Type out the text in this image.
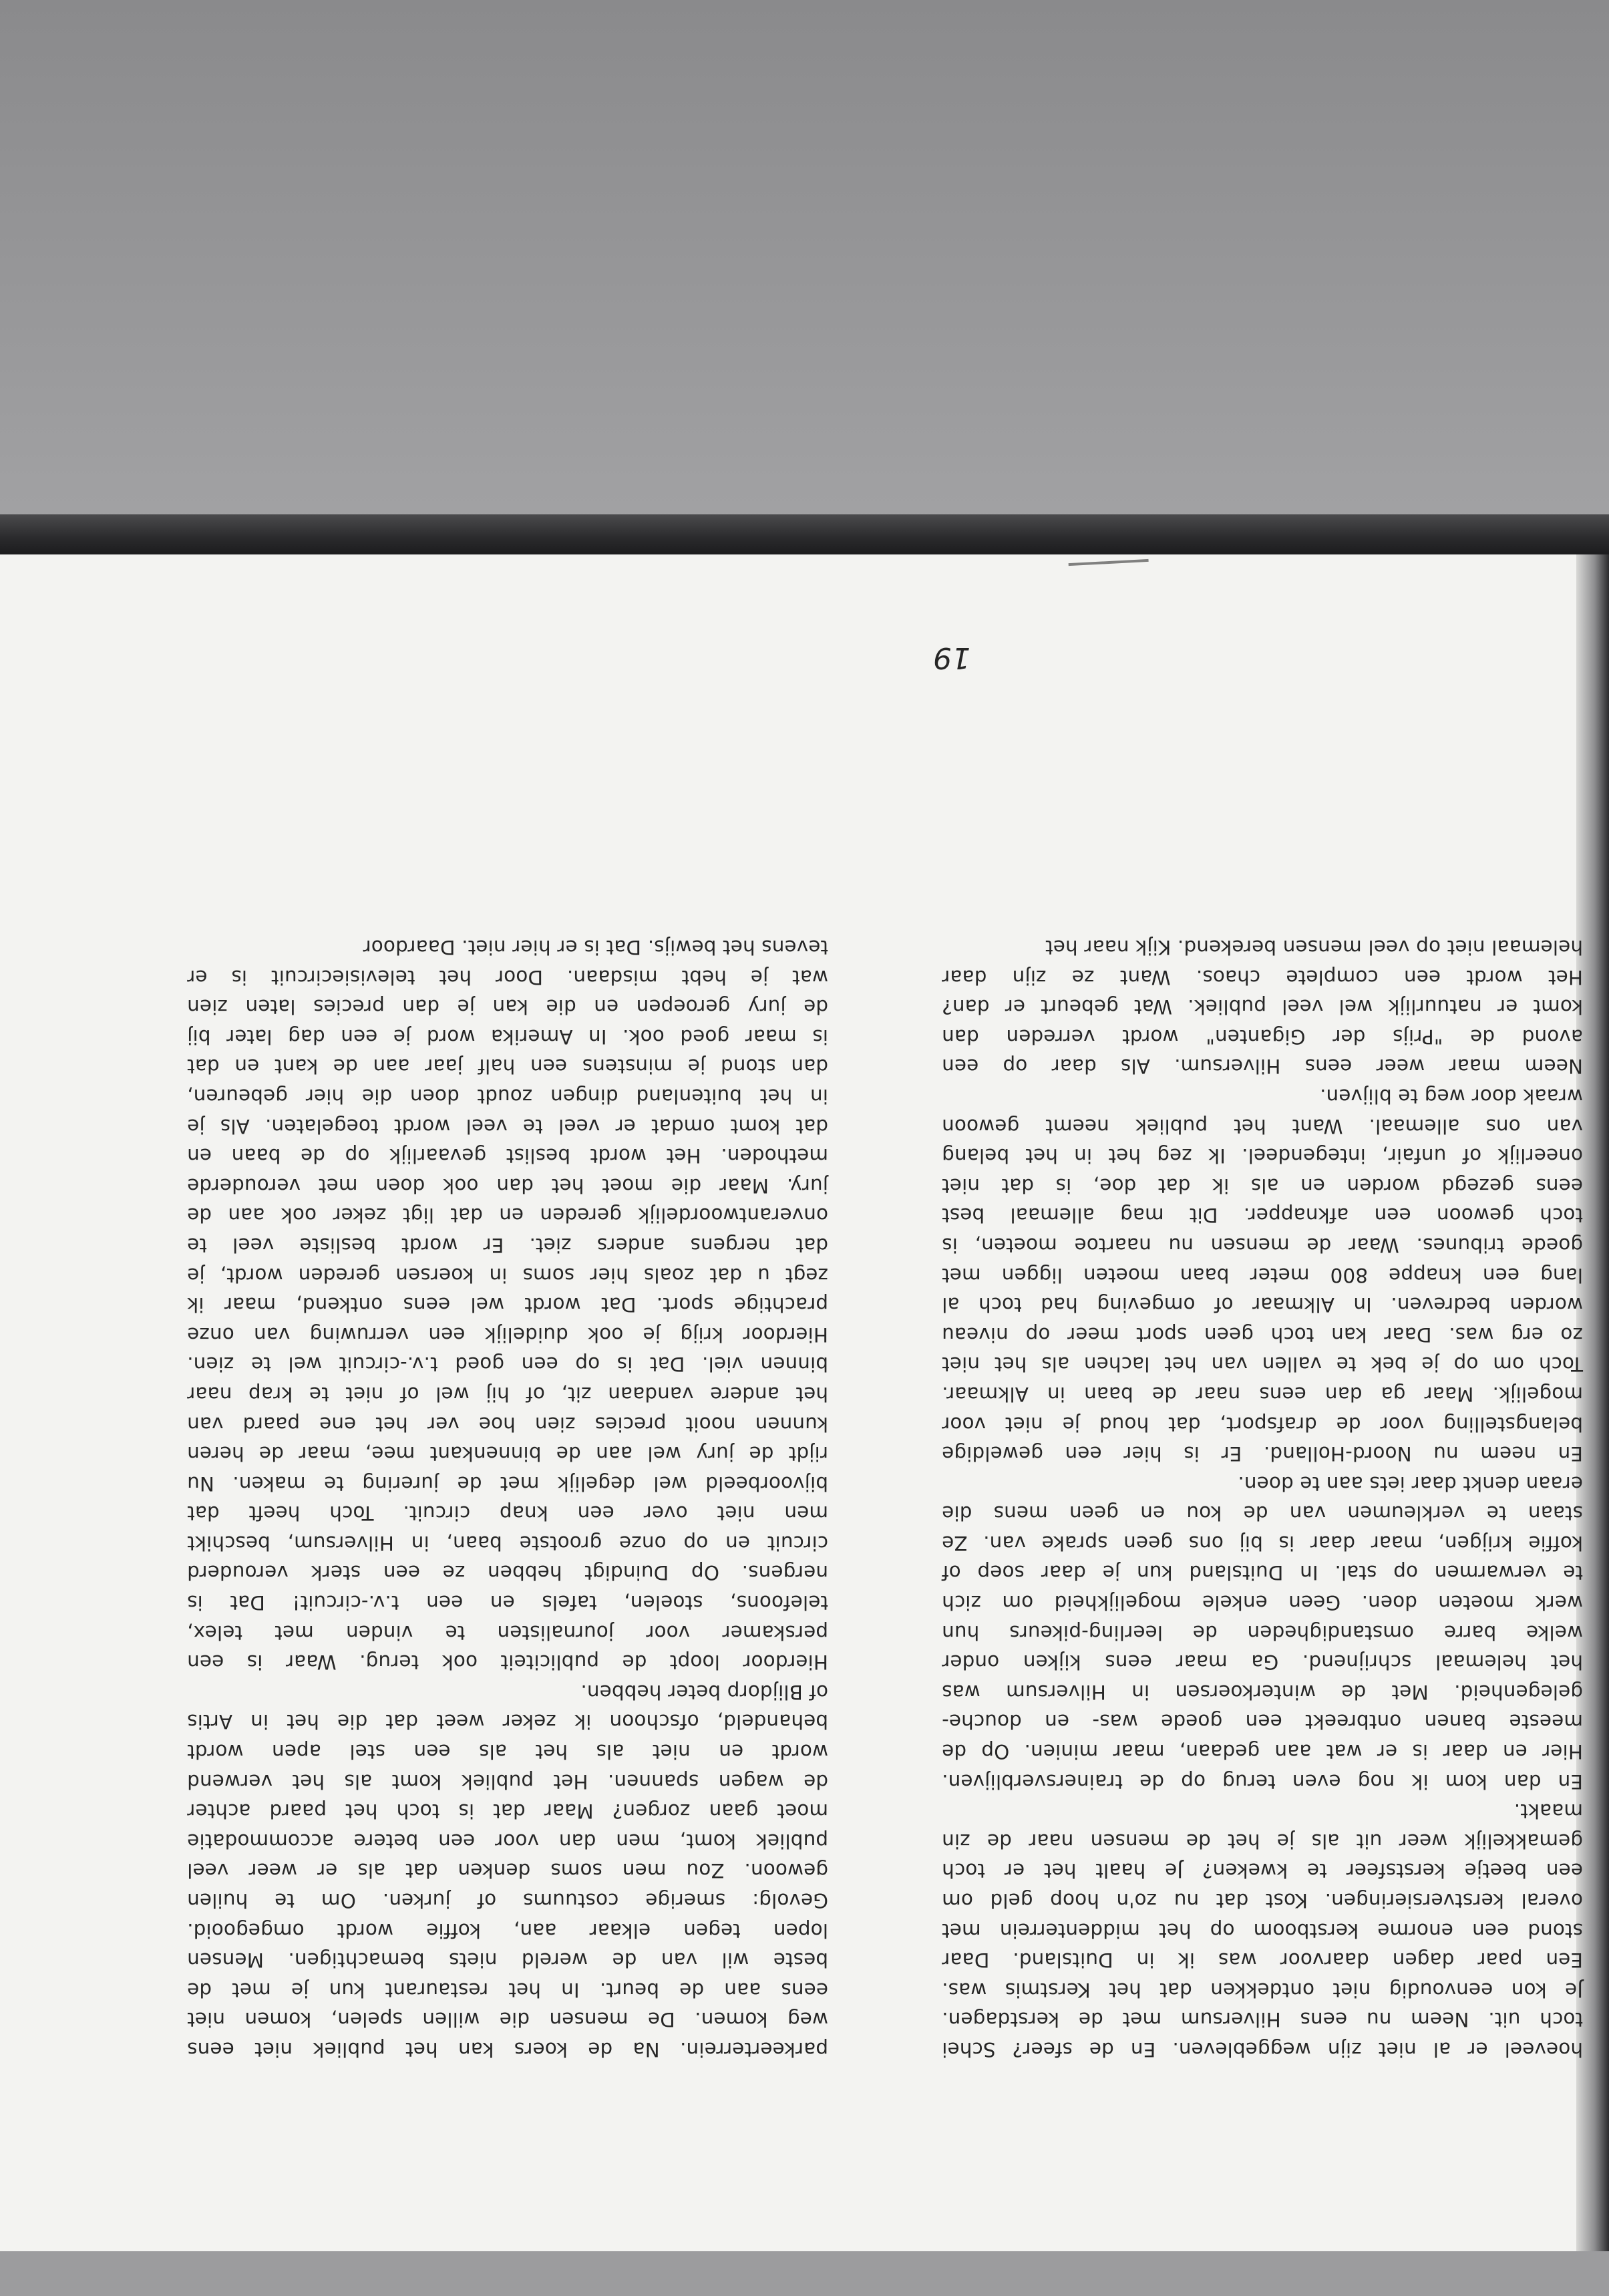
hoeveel er al niet zijn weggebleven. En de sfeer? Schei
toch uit. Neem nu eens Hilversum met de kerstdagen.
Je kon eenvoudig niet ontdekken dat het Kerstmis was.
Een paar dagen daarvoor was ik in Duitsland. Daar
stond een enorme kerstboom op het middenterrein met
overal kerstversieringen. Kost dat nu zo'n hoop geld om
een beetje kerstsfeer te kweken? Je haalt het er toch
gemakkelijk weer uit als je het de mensen naar de zin
maakt.
En dan kom ik nog even terug op de trainersverblijven.
Hier en daar is er wat aan gedaan, maar minien. Op de
meeste banen ontbreekt een goede was- en douche-
gelegenheid. Met de winterkoersen in Hilversum was
het helemaal schrijnend. Ga maar eens kijken onder
welke barre omstandigheden de leerling-pikeurs hun
werk moeten doen. Geen enkele mogelijkheid om zich
te verwarmen op stal. In Duitsland kun je daar soep of
koffie krijgen, maar daar is bij ons geen sprake van. Ze
staan te verkleumen van de kou en geen mens die
eraan denkt daar iets aan te doen.
En neem nu Noord-Holland. Er is hier een geweldige
belangstelling voor de drafsport, dat houd je niet voor
mogelijk. Maar ga dan eens naar de baan in Alkmaar.
Toch om op je bek te vallen van het lachen als het niet
zo erg was. Daar kan toch geen sport meer op niveau
worden bedreven. In Alkmaar of omgeving had toch al
lang een knappe 800 meter baan moeten liggen met
goede tribunes. Waar de mensen nu naartoe moeten, is
toch gewoon een afknapper. Dit mag allemaal best
eens gezegd worden en als ik dat doe, is dat niet
oneerlijk of unfair, integendeel. Ik zeg het in het belang
van ons allemaal. Want het publiek neemt gewoon
wraak door weg te blijven.
Neem maar weer eens Hilversum. Als daar op een
avond de "Prijs der Giganten" wordt verreden dan
komt er natuurlijk wel veel publiek. Wat gebeurt er dan?
Het wordt een complete chaos. Want ze zijn daar
helemaal niet op veel mensen berekend. Kijk naar het
parkeerterrein. Na de koers kan het publiek niet eens
weg komen. De mensen die willen spelen, komen niet
eens aan de beurt. In het restaurant kun je met de
beste wil van de wereld niets bemachtigen. Mensen
lopen tegen elkaar aan, koffie wordt omgegooid.
Gevolg: smerige costuums of jurken. Om te huilen
gewoon. Zou men soms denken dat als er weer veel
publiek komt, men dan voor een betere accommodatie
moet gaan zorgen? Maar dat is toch het paard achter
de wagen spannen. Het publiek komt als het verwend
wordt en niet als het als een stel apen wordt
behandeld, ofschoon ik zeker weet dat die het in Artis
of Blijdorp beter hebben.
Hierdoor loopt de publiciteit ook terug. Waar is een
perskamer voor journalisten te vinden met telex,
telefoons, stoelen, tafels en een t.v.-circuit! Dat is
nergens. Op Duindigt hebben ze een sterk verouderd
circuit en op onze grootste baan, in Hilversum, beschikt
men niet over een knap circuit. Toch heeft dat
bijvoorbeeld wel degelijk met de jurering te maken. Nu
rijdt de jury wel aan de binnenkant mee, maar de heren
kunnen nooit precies zien hoe ver het ene paard van
het andere vandaan zit, of hij wel of niet te krap naar
binnen viel. Dat is op een goed t.v.-circuit wel te zien.
Hierdoor krijg je ook duidelijk een verruwing van onze
prachtige sport. Dat wordt wel eens ontkend, maar ik
zegt u dat zoals hier soms in koersen gereden wordt, je
dat nergens anders ziet. Er wordt besliste veel te
onverantwoordelijk gereden en dat ligt zeker ook aan de
jury. Maar die moet het dan ook doen met verouderde
methoden. Het wordt beslist gevaarlijk op de baan en
dat komt omdat er veel te veel wordt toegelaten. Als je
in het buitenland dingen zoudt doen die hier gebeuren,
dan stond je minstens een half jaar aan de kant en dat
is maar goed ook. In Amerika word je een dag later bij
de jury geroepen en die kan je dan precies laten zien
wat je hebt misdaan. Door het televisiecircuit is er
tevens het bewijs. Dat is er hier niet. Daardoor
19
